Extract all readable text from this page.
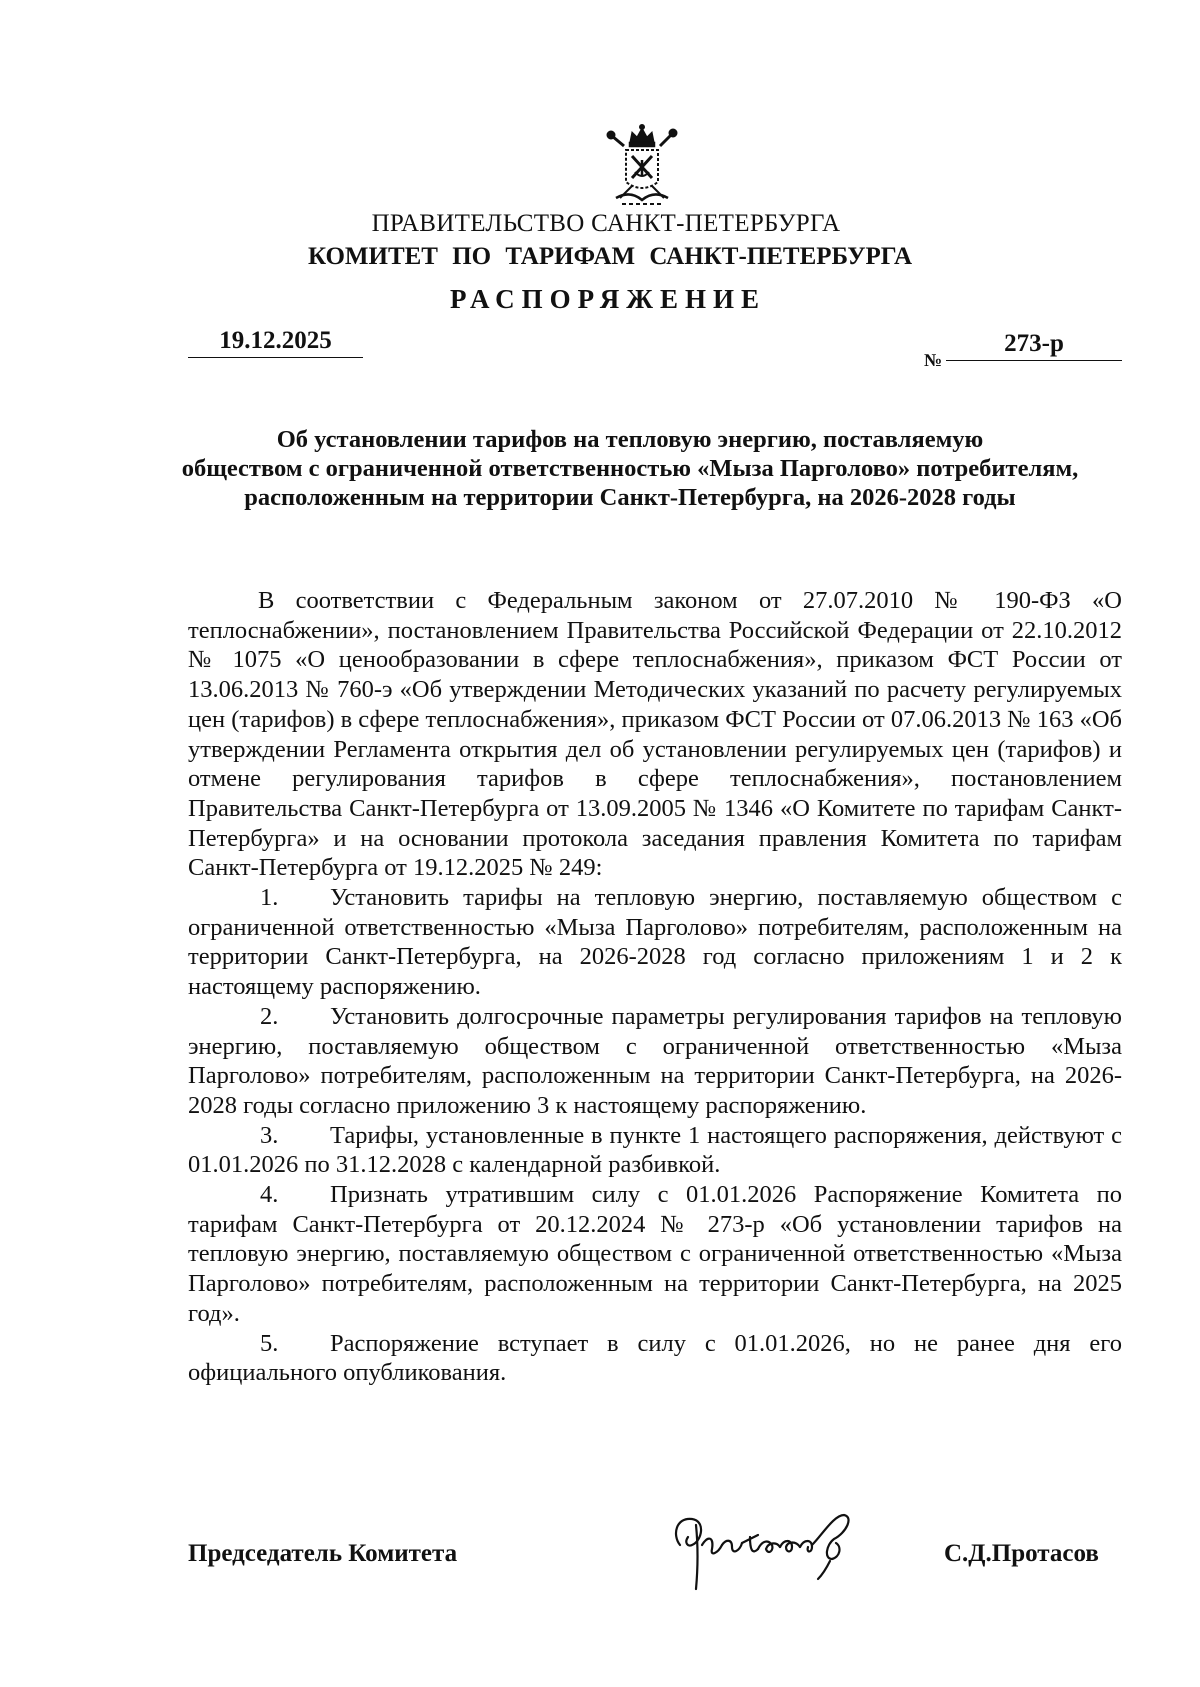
ПРАВИТЕЛЬСТВО САНКТ-ПЕТЕРБУРГА
КОМИТЕТ ПО ТАРИФАМ САНКТ-ПЕТЕРБУРГА
РАСПОРЯЖЕНИЕ
19.12.2025
№
273-р
Об установлении тарифов на тепловую энергию, поставляемую
обществом с ограниченной ответственностью «Мыза Парголово» потребителям,
расположенным на территории Санкт-Петербурга, на 2026-2028 годы

В соответствии с Федеральным законом от 27.07.2010 № 190-ФЗ «О теплоснабжении», постановлением Правительства Российской Федерации от 22.10.2012 № 1075 «О ценообразовании в сфере теплоснабжения», приказом ФСТ России от 13.06.2013 № 760-э «Об утверждении Методических указаний по расчету регулируемых цен (тарифов) в сфере теплоснабжения», приказом ФСТ России от 07.06.2013 № 163 «Об утверждении Регламента открытия дел об установлении регулируемых цен (тарифов) и отмене регулирования тарифов в сфере теплоснабжения», постановлением Правительства Санкт-Петербурга от 13.09.2005 № 1346 «О Комитете по тарифам Санкт-Петербурга» и на основании протокола заседания правления Комитета по тарифам Санкт-Петербурга от 19.12.2025 № 249:

1. Установить тарифы на тепловую энергию, поставляемую обществом с ограниченной ответственностью «Мыза Парголово» потребителям, расположенным на территории Санкт-Петербурга, на 2026-2028 год согласно приложениям 1 и 2 к настоящему распоряжению.

2. Установить долгосрочные параметры регулирования тарифов на тепловую энергию, поставляемую обществом с ограниченной ответственностью «Мыза Парголово» потребителям, расположенным на территории Санкт-Петербурга, на 2026-2028 годы согласно приложению 3 к настоящему распоряжению.

3. Тарифы, установленные в пункте 1 настоящего распоряжения, действуют с 01.01.2026 по 31.12.2028 с календарной разбивкой.

4. Признать утратившим силу с 01.01.2026 Распоряжение Комитета по тарифам Санкт-Петербурга от 20.12.2024 № 273-р «Об установлении тарифов на тепловую энергию, поставляемую обществом с ограниченной ответственностью «Мыза Парголово» потребителям, расположенным на территории Санкт-Петербурга, на 2025 год».

5. Распоряжение вступает в силу с 01.01.2026, но не ранее дня его официального опубликования.

Председатель Комитета	С.Д.Протасов
